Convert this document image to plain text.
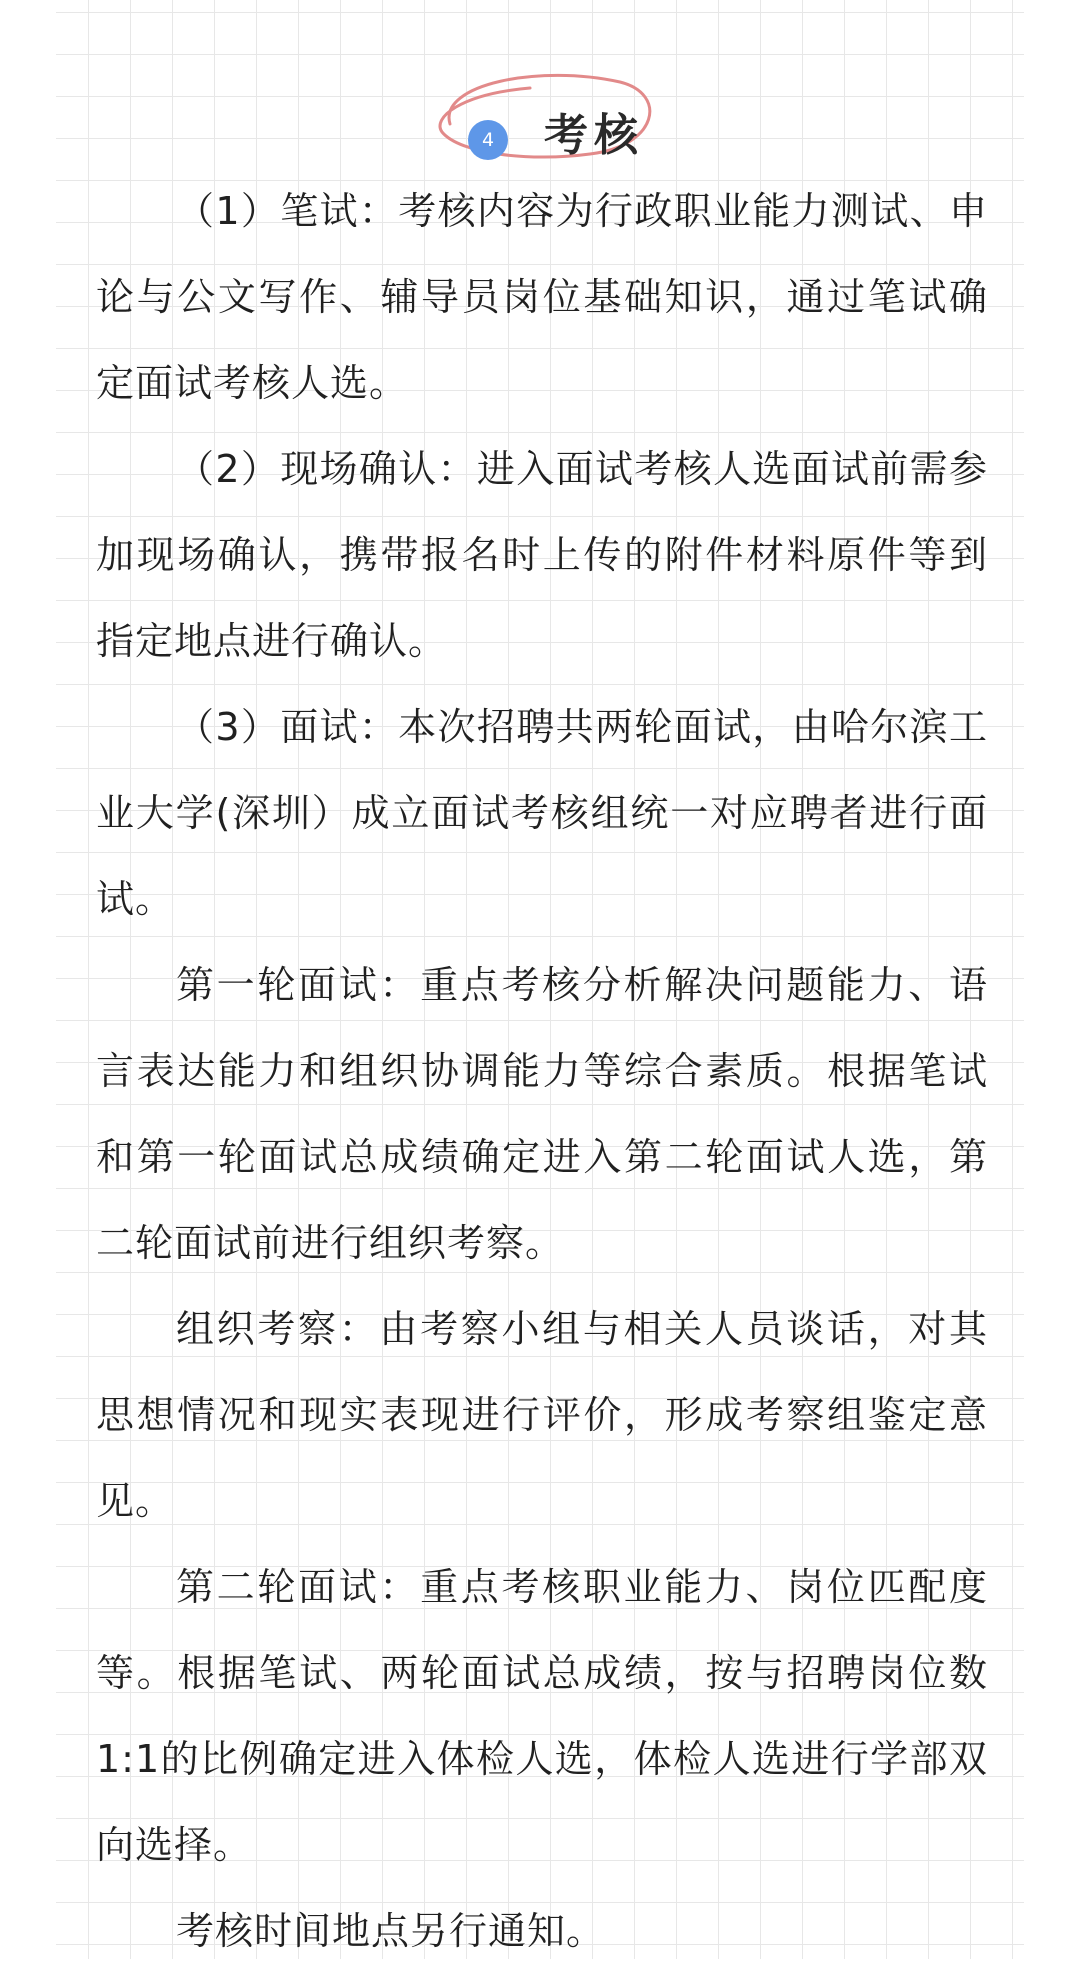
4	考核

（1）笔试：考核内容为行政职业能力测试、申论与公文写作、辅导员岗位基础知识，通过笔试确定面试考核人选。

（2）现场确认：进入面试考核人选面试前需参加现场确认，携带报名时上传的附件材料原件等到指定地点进行确认。

（3）面试：本次招聘共两轮面试，由哈尔滨工业大学(深圳）成立面试考核组统一对应聘者进行面试。

第一轮面试：重点考核分析解决问题能力、语言表达能力和组织协调能力等综合素质。根据笔试和第一轮面试总成绩确定进入第二轮面试人选，第二轮面试前进行组织考察。

组织考察：由考察小组与相关人员谈话，对其思想情况和现实表现进行评价，形成考察组鉴定意见。

第二轮面试：重点考核职业能力、岗位匹配度等。根据笔试、两轮面试总成绩，按与招聘岗位数1:1的比例确定进入体检人选，体检人选进行学部双向选择。

考核时间地点另行通知。
